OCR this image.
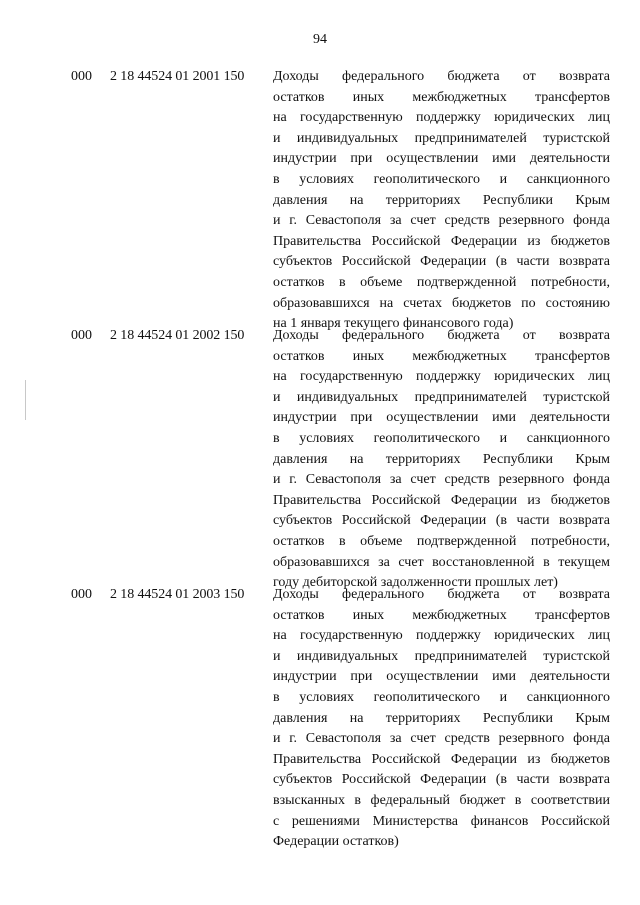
94
000 2 18 44524 01 2001 150 Доходы федерального бюджета от возврата
остатков иных межбюджетных трансфертов
на государственную поддержку юридических лиц
и индивидуальных предпринимателей туристской
индустрии при осуществлении ими деятельности
в условиях геополитического и санкционного
давления на территориях Республики Крым
и г. Севастополя за счет средств резервного фонда
Правительства Российской Федерации из бюджетов
субъектов Российской Федерации (в части возврата
остатков в объеме подтвержденной потребности,
образовавшихся на счетах бюджетов по состоянию
на 1 января текущего финансового года)
000 2 18 44524 01 2002 150 Доходы федерального бюджета от возврата
остатков иных межбюджетных трансфертов
на государственную поддержку юридических лиц
и индивидуальных предпринимателей туристской
индустрии при осуществлении ими деятельности
в условиях геополитического и санкционного
давления на территориях Республики Крым
и г. Севастополя за счет средств резервного фонда
Правительства Российской Федерации из бюджетов
субъектов Российской Федерации (в части возврата
остатков в объеме подтвержденной потребности,
образовавшихся за счет восстановленной в текущем
году дебиторской задолженности прошлых лет)
000 2 18 44524 01 2003 150 Доходы федерального бюджета от возврата
остатков иных межбюджетных трансфертов
на государственную поддержку юридических лиц
и индивидуальных предпринимателей туристской
индустрии при осуществлении ими деятельности
в условиях геополитического и санкционного
давления на территориях Республики Крым
и г. Севастополя за счет средств резервного фонда
Правительства Российской Федерации из бюджетов
субъектов Российской Федерации (в части возврата
взысканных в федеральный бюджет в соответствии
с решениями Министерства финансов Российской
Федерации остатков)
